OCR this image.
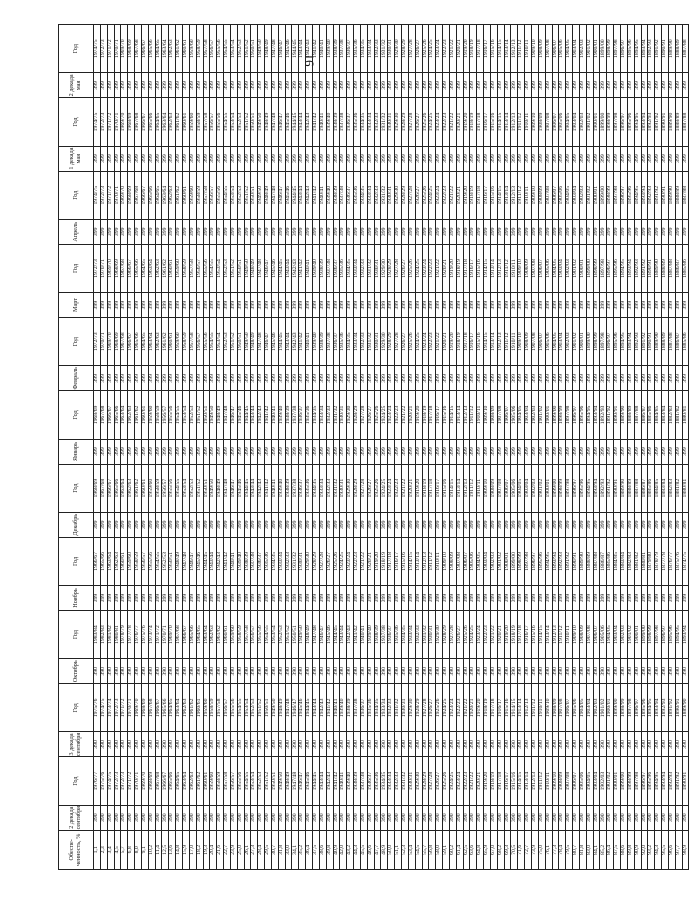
16
Обеспе-ченность, %	2 декада сентября	Год	3 декада сентября	Год	Октябрь	Год	Ноябрь	Год	Декабрь	Год	Январь	Год	Февраль	Год	Март	Год	Апрель	Год	1 декада мая	Год	2 декада мая	Год
1,1	390	1976/77	390	1975/76	390	1983/84	399	1966/67	399	1968/69	399	1968/69	399	1972/73	399	1972/73	399	1974/75	399	1974/75	399	1974/75
2,3	390	1975/76	390	1974/75	390	1982/83	399	1965/66	399	1967/68	399	1967/68	399	1970/71	399	1970/71	399	1972/73	399	1972/73	399	1972/73
3,4	390	1974/75	390	1973/74	390	1981/82	399	1963/64	399	1966/67	399	1966/67	399	1969/70	399	1969/70	399	1971/72	399	1971/72	399	1971/72
4,5	390	1972/73	390	1972/73	390	1980/81	399	1962/63	399	1965/66	399	1965/66	399	1968/69	399	1968/69	399	1970/71	399	1970/71	399	1970/71
5,7	390	1972/73	390	1971/72	390	1978/79	399	1960/61	399	1963/64	399	1963/64	399	1967/68	399	1967/68	399	1969/70	399	1969/70	399	1969/70
6,8	390	1971/72	390	1970/71	390	1977/78	399	1959/60	399	1962/63	399	1962/63	399	1966/67	399	1966/67	399	1968/69	399	1968/69	399	1968/69
8,0	390	1970/71	390	1969/70	390	1976/77	399	1958/59	399	1961/62	399	1961/62	399	1965/66	399	1965/66	399	1967/68	399	1967/68	399	1967/68
9,1	390	1969/70	390	1968/69	390	1975/76	399	1956/57	399	1960/61	399	1960/61	399	1964/65	399	1964/65	399	1966/67	399	1966/67	399	1966/67
10,2	390	1968/69	390	1967/68	390	1973/74	399	1955/56	399	1959/60	399	1959/60	399	1963/64	399	1963/64	399	1965/66	399	1965/66	399	1965/66
11,4	390	1967/68	390	1966/67	390	1971/72	399	1954/55	399	1958/59	399	1958/59	399	1962/63	399	1962/63	399	1964/65	399	1964/65	399	1964/65
12,5	390	1966/67	390	1965/66	390	1970/71	399	1952/53	399	1956/57	399	1956/57	399	1961/62	399	1961/62	399	1963/64	399	1963/64	399	1963/64
13,6	390	1965/66	390	1964/65	390	1969/70	399	1950/51	399	1955/56	399	1955/56	399	1960/61	399	1960/61	399	1962/63	399	1962/63	399	1962/63
14,8	390	1964/65	390	1963/64	390	1967/68	399	1948/49	399	1954/55	399	1954/55	399	1959/60	399	1959/60	399	1961/62	399	1961/62	399	1961/62
15,9	390	1963/64	390	1962/63	390	1966/67	399	1947/48	399	1953/54	399	1953/54	399	1958/59	399	1958/59	399	1960/61	399	1960/61	399	1960/61
17,0	390	1962/63	390	1961/62	390	1965/66	399	1946/47	399	1952/53	399	1952/53	399	1957/58	399	1957/58	399	1959/60	399	1959/60	399	1959/60
18,2	390	1961/62	390	1960/61	390	1964/65	399	1945/46	399	1951/52	399	1951/52	399	1956/57	399	1956/57	399	1958/59	399	1958/59	399	1958/59
19,3	390	1960/61	390	1959/60	390	1963/64	399	1944/45	399	1950/51	399	1950/51	399	1955/56	399	1955/56	399	1957/58	399	1957/58	399	1957/58
20,4	390	1959/60	390	1958/59	390	1962/63	399	1943/44	399	1949/50	399	1949/50	399	1954/55	399	1954/55	399	1956/57	399	1956/57	399	1956/57
21,6	390	1958/59	390	1957/58	390	1961/62	399	1942/43	399	1948/49	399	1948/49	399	1953/54	399	1953/54	399	1955/56	399	1955/56	399	1955/56
22,7	390	1957/58	390	1956/57	390	1960/61	399	1941/42	399	1947/48	399	1947/48	399	1952/53	399	1952/53	399	1954/55	399	1954/55	399	1954/55
23,9	390	1956/57	390	1955/56	390	1959/60	399	1940/41	399	1946/47	399	1946/47	399	1951/52	399	1951/52	399	1953/54	399	1953/54	399	1953/54
25,0	390	1955/56	390	1954/55	390	1958/59	399	1939/40	399	1945/46	399	1945/46	399	1950/51	399	1950/51	399	1952/53	399	1952/53	399	1952/53
26,1	390	1954/55	390	1953/54	390	1957/58	399	1938/39	399	1944/45	399	1944/45	399	1949/50	399	1949/50	399	1951/52	399	1951/52	399	1951/52
27,3	390	1953/54	390	1952/53	390	1956/57	399	1937/38	399	1943/44	399	1943/44	399	1948/49	399	1948/49	399	1950/51	399	1950/51	399	1950/51
28,4	390	1952/53	390	1951/52	390	1955/56	399	1936/37	399	1942/43	399	1942/43	399	1947/48	399	1947/48	399	1949/50	399	1949/50	399	1949/50
29,5	390	1951/52	390	1950/51	390	1954/55	399	1935/36	399	1941/42	399	1941/42	399	1946/47	399	1946/47	399	1948/49	399	1948/49	399	1948/49
30,7	390	1950/51	390	1949/50	390	1953/54	399	1934/35	399	1940/41	399	1940/41	399	1945/46	399	1945/46	399	1947/48	399	1947/48	399	1947/48
31,8	390	1949/50	390	1948/49	390	1952/53	399	1933/34	399	1939/40	399	1939/40	399	1944/45	399	1944/45	399	1946/47	399	1946/47	399	1946/47
33,0	390	1948/49	390	1947/48	390	1951/52	399	1932/33	399	1938/39	399	1938/39	399	1943/44	399	1943/44	399	1945/46	399	1945/46	399	1945/46
34,1	390	1947/48	390	1946/47	390	1950/51	399	1931/32	399	1937/38	399	1937/38	399	1942/43	399	1942/43	399	1944/45	399	1944/45	399	1944/45
35,2	390	1946/47	390	1945/46	390	1949/50	399	1930/31	399	1936/37	399	1936/37	399	1941/42	399	1941/42	399	1943/44	399	1943/44	399	1943/44
36,4	390	1945/46	390	1944/45	390	1948/49	399	1929/30	399	1935/36	399	1935/36	399	1940/41	399	1940/41	399	1942/43	399	1942/43	399	1942/43
37,5	390	1944/45	390	1943/44	390	1947/48	399	1928/29	399	1934/35	399	1934/35	399	1939/40	399	1939/40	399	1941/42	399	1941/42	399	1941/42
38,6	390	1943/44	390	1942/43	390	1946/47	399	1927/28	399	1933/34	399	1933/34	399	1938/39	399	1938/39	399	1940/41	399	1940/41	399	1940/41
39,8	390	1942/43	390	1941/42	390	1945/46	399	1926/27	399	1932/33	399	1932/33	399	1937/38	399	1937/38	399	1939/40	399	1939/40	399	1939/40
40,9	390	1941/42	390	1940/41	390	1944/45	399	1925/26	399	1931/32	399	1931/32	399	1936/37	399	1936/37	399	1938/39	399	1938/39	399	1938/39
42,0	390	1940/41	390	1939/40	390	1943/44	399	1924/25	399	1930/31	399	1930/31	399	1935/36	399	1935/36	399	1937/38	399	1937/38	399	1937/38
43,2	390	1939/40	390	1938/39	390	1942/43	399	1923/24	399	1929/30	399	1929/30	399	1934/35	399	1934/35	399	1936/37	399	1936/37	399	1936/37
44,3	390	1938/39	390	1937/38	390	1941/42	399	1922/23	399	1928/29	399	1928/29	399	1933/34	399	1933/34	399	1935/36	399	1935/36	399	1935/36
45,5	390	1937/38	390	1936/37	390	1940/41	399	1921/22	399	1927/28	399	1927/28	399	1932/33	399	1932/33	399	1934/35	399	1934/35	399	1934/35
46,6	390	1936/37	390	1935/36	390	1939/40	399	1920/21	399	1926/27	399	1926/27	399	1931/32	399	1931/32	399	1933/34	399	1933/34	399	1933/34
47,7	390	1935/36	390	1934/35	390	1938/39	399	1919/20	399	1925/26	399	1925/26	399	1930/31	399	1930/31	399	1932/33	399	1932/33	399	1932/33
48,9	390	1934/35	390	1933/34	390	1937/38	399	1918/19	399	1924/25	399	1924/25	399	1929/30	399	1929/30	399	1931/32	399	1931/32	399	1931/32
50,0	390	1933/34	390	1932/33	390	1936/37	399	1917/18	399	1923/24	399	1923/24	399	1928/29	399	1928/29	399	1930/31	399	1930/31	399	1930/31
51,1	390	1932/33	390	1931/32	390	1935/36	399	1916/17	399	1922/23	399	1922/23	399	1927/28	399	1927/28	399	1929/30	399	1929/30	399	1929/30
52,3	390	1931/32	390	1930/31	390	1934/35	399	1915/16	399	1921/22	399	1921/22	399	1926/27	399	1926/27	399	1928/29	399	1928/29	399	1928/29
53,4	390	1930/31	390	1929/30	390	1933/34	399	1914/15	399	1920/21	399	1920/21	399	1925/26	399	1925/26	399	1927/28	399	1927/28	399	1927/28
54,5	390	1929/30	390	1928/29	390	1932/33	399	1913/14	399	1919/20	399	1919/20	399	1924/25	399	1924/25	399	1926/27	399	1926/27	399	1926/27
55,7	390	1928/29	390	1927/28	390	1931/32	399	1912/13	399	1918/19	399	1918/19	399	1923/24	399	1923/24	399	1925/26	399	1925/26	399	1925/26
56,8	390	1927/28	390	1926/27	390	1930/31	399	1911/12	399	1917/18	399	1917/18	399	1922/23	399	1922/23	399	1924/25	399	1924/25	399	1924/25
58,0	390	1926/27	390	1925/26	390	1929/30	399	1910/11	399	1916/17	399	1916/17	399	1921/22	399	1921/22	399	1923/24	399	1923/24	399	1923/24
59,1	390	1925/26	390	1924/25	390	1928/29	399	1909/10	399	1915/16	399	1915/16	399	1920/21	399	1920/21	399	1922/23	399	1922/23	399	1922/23
60,2	390	1924/25	390	1923/24	390	1927/28	399	1908/09	399	1914/15	399	1914/15	399	1919/20	399	1919/20	399	1921/22	399	1921/22	399	1921/22
61,4	390	1923/24	390	1922/23	390	1926/27	399	1907/08	399	1913/14	399	1913/14	399	1918/19	399	1918/19	399	1920/21	399	1920/21	399	1920/21
62,5	390	1922/23	390	1921/22	390	1925/26	399	1906/07	399	1912/13	399	1912/13	399	1917/18	399	1917/18	399	1919/20	399	1919/20	399	1919/20
63,6	390	1921/22	390	1920/21	390	1924/25	399	1905/06	399	1911/12	399	1911/12	399	1916/17	399	1916/17	399	1918/19	399	1918/19	399	1918/19
64,8	390	1920/21	390	1919/20	390	1923/24	399	1904/05	399	1910/11	399	1910/11	399	1915/16	399	1915/16	399	1917/18	399	1917/18	399	1917/18
65,9	390	1919/20	390	1918/19	390	1922/23	399	1903/04	399	1909/10	399	1909/10	399	1914/15	399	1914/15	399	1916/17	399	1916/17	399	1916/17
67,0	390	1918/19	390	1917/18	390	1921/22	399	1902/03	399	1908/09	399	1908/09	399	1913/14	399	1913/14	399	1915/16	399	1915/16	399	1915/16
68,2	390	1917/18	390	1916/17	390	1920/21	399	1901/02	399	1907/08	399	1907/08	399	1912/13	399	1912/13	399	1914/15	399	1914/15	399	1914/15
69,3	390	1916/17	390	1915/16	390	1919/20	399	1900/01	399	1906/07	399	1906/07	399	1911/12	399	1911/12	399	1913/14	399	1913/14	399	1913/14
70,5	390	1915/16	390	1914/15	390	1918/19	399	1899/00	399	1905/06	399	1905/06	399	1910/11	399	1910/11	399	1912/13	399	1912/13	399	1912/13
71,6	390	1914/15	390	1913/14	390	1917/18	399	1898/99	399	1904/05	399	1904/05	399	1909/10	399	1909/10	399	1911/12	399	1911/12	399	1911/12
72,7	390	1913/14	390	1912/13	390	1916/17	399	1897/98	399	1903/04	399	1903/04	399	1908/09	399	1908/09	399	1910/11	399	1910/11	399	1910/11
73,9	390	1912/13	390	1911/12	390	1915/16	399	1896/97	399	1902/03	399	1902/03	399	1907/08	399	1907/08	399	1909/10	399	1909/10	399	1909/10
75,0	390	1911/12	390	1910/11	390	1914/15	399	1895/96	399	1901/02	399	1901/02	399	1906/07	399	1906/07	399	1908/09	399	1908/09	399	1908/09
76,1	390	1910/11	390	1909/10	390	1913/14	399	1894/95	399	1900/01	399	1900/01	399	1905/06	399	1905/06	399	1907/08	399	1907/08	399	1907/08
77,3	390	1909/10	390	1908/09	390	1912/13	399	1893/94	399	1899/00	399	1899/00	399	1904/05	399	1904/05	399	1906/07	399	1906/07	399	1906/07
78,4	390	1908/09	390	1907/08	390	1911/12	399	1892/93	399	1898/99	399	1898/99	399	1903/04	399	1903/04	399	1905/06	399	1905/06	399	1905/06
79,5	390	1907/08	390	1906/07	390	1910/11	399	1891/92	399	1897/98	399	1897/98	399	1902/03	399	1902/03	399	1904/05	399	1904/05	399	1904/05
80,7	390	1906/07	390	1905/06	390	1909/10	399	1890/91	399	1896/97	399	1896/97	399	1901/02	399	1901/02	399	1903/04	399	1903/04	399	1903/04
81,8	390	1905/06	390	1904/05	390	1908/09	399	1889/90	399	1895/96	399	1895/96	399	1900/01	399	1900/01	399	1902/03	399	1902/03	399	1902/03
83,0	390	1904/05	390	1903/04	390	1907/08	399	1888/89	399	1894/95	399	1894/95	399	1899/00	399	1899/00	399	1901/02	399	1901/02	399	1901/02
84,1	390	1903/04	390	1902/03	390	1906/07	399	1887/88	399	1893/94	399	1893/94	399	1898/99	399	1898/99	399	1900/01	399	1900/01	399	1900/01
85,2	390	1902/03	390	1901/02	390	1905/06	399	1886/87	399	1892/93	399	1892/93	399	1897/98	399	1897/98	399	1899/00	399	1899/00	399	1899/00
86,4	390	1901/02	390	1900/01	390	1904/05	399	1885/86	399	1891/92	399	1891/92	399	1896/97	399	1896/97	399	1898/99	399	1898/99	399	1898/99
87,5	390	1900/01	390	1899/00	390	1903/04	399	1884/85	399	1890/91	399	1890/91	399	1895/96	399	1895/96	399	1897/98	399	1897/98	399	1897/98
88,6	390	1899/00	390	1898/99	390	1902/03	399	1883/84	399	1889/90	399	1889/90	399	1894/95	399	1894/95	399	1896/97	399	1896/97	399	1896/97
89,8	390	1898/99	390	1897/98	390	1901/02	399	1882/83	399	1888/89	399	1888/89	399	1893/94	399	1893/94	399	1895/96	399	1895/96	399	1895/96
90,9	390	1897/98	390	1896/97	390	1900/01	399	1881/82	399	1887/88	399	1887/88	399	1892/93	399	1892/93	399	1894/95	399	1894/95	399	1894/95
92,0	390	1896/97	390	1895/96	390	1899/00	399	1880/81	399	1886/87	399	1886/87	399	1891/92	399	1891/92	399	1893/94	399	1893/94	399	1893/94
93,2	390	1895/96	390	1894/95	390	1898/99	399	1879/80	399	1885/86	399	1885/86	399	1890/91	399	1890/91	399	1892/93	399	1892/93	399	1892/93
94,3	390	1894/95	390	1893/94	390	1897/98	399	1878/79	399	1884/85	399	1884/85	399	1889/90	399	1889/90	399	1891/92	399	1891/92	399	1891/92
95,5	390	1893/94	390	1892/93	390	1896/97	399	1877/78	399	1883/84	399	1883/84	399	1888/89	399	1888/89	399	1890/91	399	1890/91	399	1890/91
96,6	390	1892/93	390	1891/92	390	1895/96	399	1876/77	399	1882/83	399	1882/83	399	1887/88	399	1887/88	399	1889/90	399	1889/90	399	1889/90
97,7	390	1891/92	390	1890/91	390	1894/95	399	1875/76	399	1881/82	399	1881/82	399	1886/87	399	1886/87	399	1888/89	399	1888/89	399	1888/89
98,9	390	1890/91	390	1889/90	390	1893/94	399	1874/75	399	1880/81	399	1880/81	399	1885/86	399	1885/86	399	1887/88	399	1887/88	399	1887/88
